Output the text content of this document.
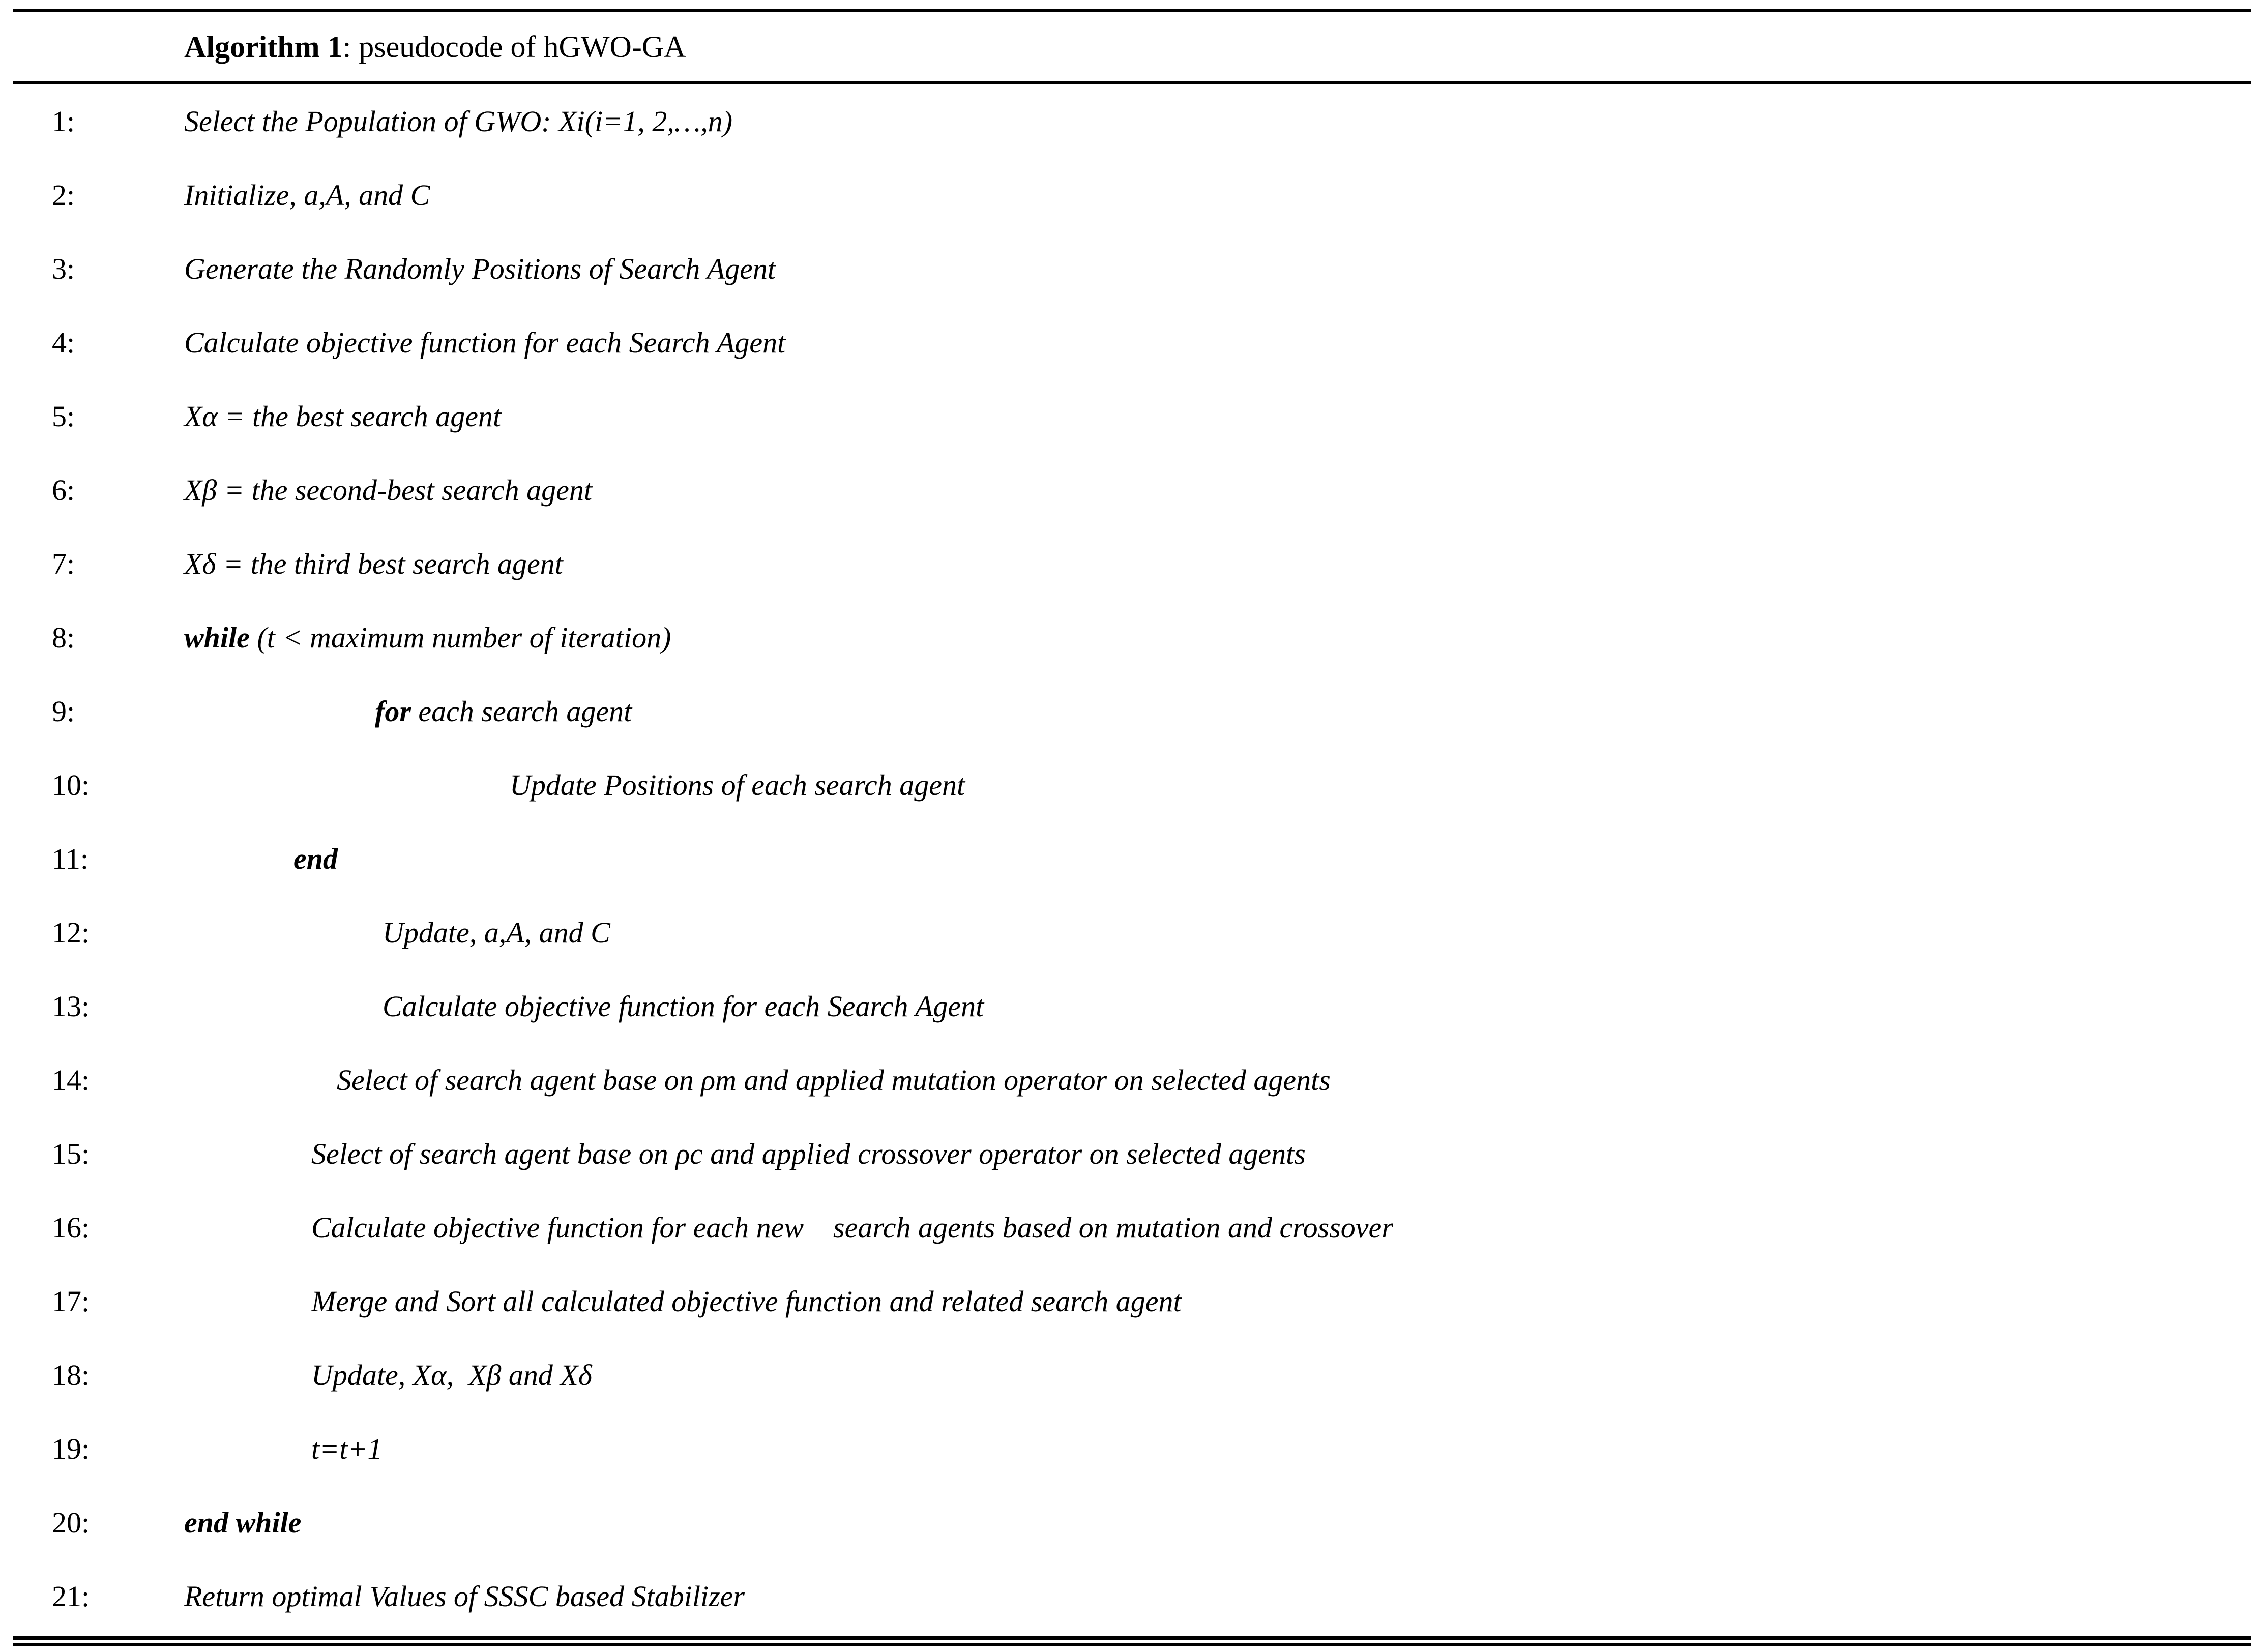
Algorithm 1 : pseudocode of hGWO-GA
1:	Select the Population of GWO: Xi(i=1, 2,…,n)
2:	Initialize, a,A, and C
3:	Generate the Randomly Positions of Search Agent
4:	Calculate objective function for each Search Agent
5:	Xα = the best search agent
6:	Xβ = the second-best search agent
7:	Xδ = the third best search agent
8:	while (t < maximum number of iteration)
9:	for each search agent
10:	Update Positions of each search agent
11:	end
12:	Update, a,A, and C
13:	Calculate objective function for each Search Agent
14:	Select of search agent base on ρm and applied mutation operator on selected agents
15:	Select of search agent base on ρc and applied crossover operator on selected agents
16:	Calculate objective function for each new    search agents based on mutation and crossover
17:	Merge and Sort all calculated objective function and related search agent
18:	Update, Xα,  Xβ and Xδ
19:	t=t+1
20:	end while
21:	Return optimal Values of SSSC based Stabilizer
